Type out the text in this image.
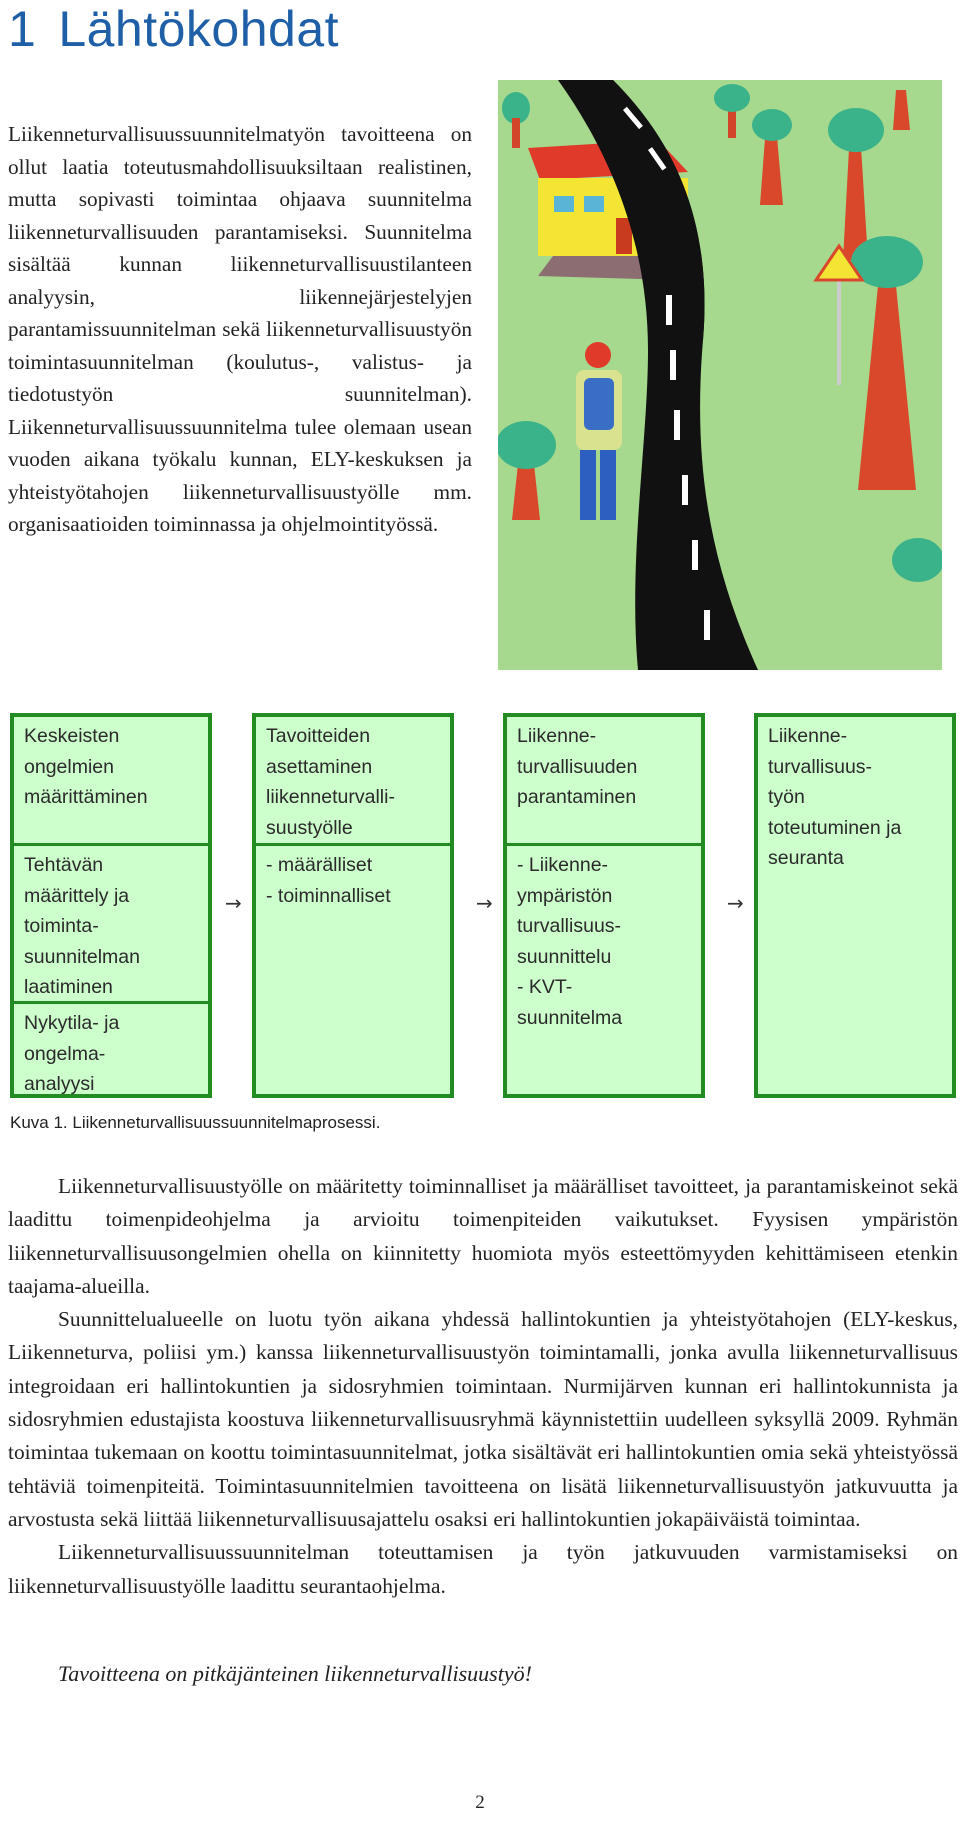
1 Lähtökohdat

Liikenneturvallisuussuunnitelmatyön tavoitteena on ollut laatia toteutusmahdollisuuksiltaan realistinen, mutta sopivasti toimintaa ohjaava suunnitelma liikenneturvallisuuden parantamiseksi. Suunnitelma sisältää kunnan liikenneturvallisuustilanteen analyysin, liikennejärjestelyjen parantamissuunnitelman sekä liikenneturvallisuustyön toimintasuunnitelman (koulutus-, valistus- ja tiedotustyön suunnitelman). Liikenneturvallisuussuunnitelma tulee olemaan usean vuoden aikana työkalu kunnan, ELY-keskuksen ja yhteistyötahojen liikenneturvallisuustyölle mm. organisaatioiden toiminnassa ja ohjelmointityössä.

Keskeisten
ongelmien
määrittäminen
Tehtävän
määrittely ja
toiminta-
suunnitelman
laatiminen
Nykytila- ja
ongelma-
analyysi
→
Tavoitteiden
asettaminen
liikenneturvalli-
suustyölle
- määrälliset
- toiminnalliset	→
Liikenne-
turvallisuuden
parantaminen
- Liikenne-
ympäristön
turvallisuus-
suunnittelu
- KVT-
suunnitelma
→
Liikenne-
turvallisuus-
työn
toteutuminen ja
seuranta

Kuva 1. Liikenneturvallisuussuunnitelmaprosessi.

Liikenneturvallisuustyölle on määritetty toiminnalliset ja määrälliset tavoitteet, ja parantamiskeinot sekä laadittu toimenpideohjelma ja arvioitu toimenpiteiden vaikutukset. Fyysisen ympäristön liikenneturvallisuusongelmien ohella on kiinnitetty huomiota myös esteettömyyden kehittämiseen etenkin taajama-alueilla.

Suunnittelualueelle on luotu työn aikana yhdessä hallintokuntien ja yhteistyötahojen (ELY-keskus, Liikenneturva, poliisi ym.) kanssa liikenneturvallisuustyön toimintamalli, jonka avulla liikenneturvallisuus integroidaan eri hallintokuntien ja sidosryhmien toimintaan. Nurmijärven kunnan eri hallintokunnista ja sidosryhmien edustajista koostuva liikenneturvallisuusryhmä käynnistettiin uudelleen syksyllä 2009. Ryhmän toimintaa tukemaan on koottu toimintasuunnitelmat, jotka sisältävät eri hallintokuntien omia sekä yhteistyössä tehtäviä toimenpiteitä. Toimintasuunnitelmien tavoitteena on lisätä liikenneturvallisuustyön jatkuvuutta ja arvostusta sekä liittää liikenneturvallisuusajattelu osaksi eri hallintokuntien jokapäiväistä toimintaa.

Liikenneturvallisuussuunnitelman toteuttamisen ja työn jatkuvuuden varmistamiseksi on liikenneturvallisuustyölle laadittu seurantaohjelma.

Tavoitteena on pitkäjänteinen liikenneturvallisuustyö!

2
